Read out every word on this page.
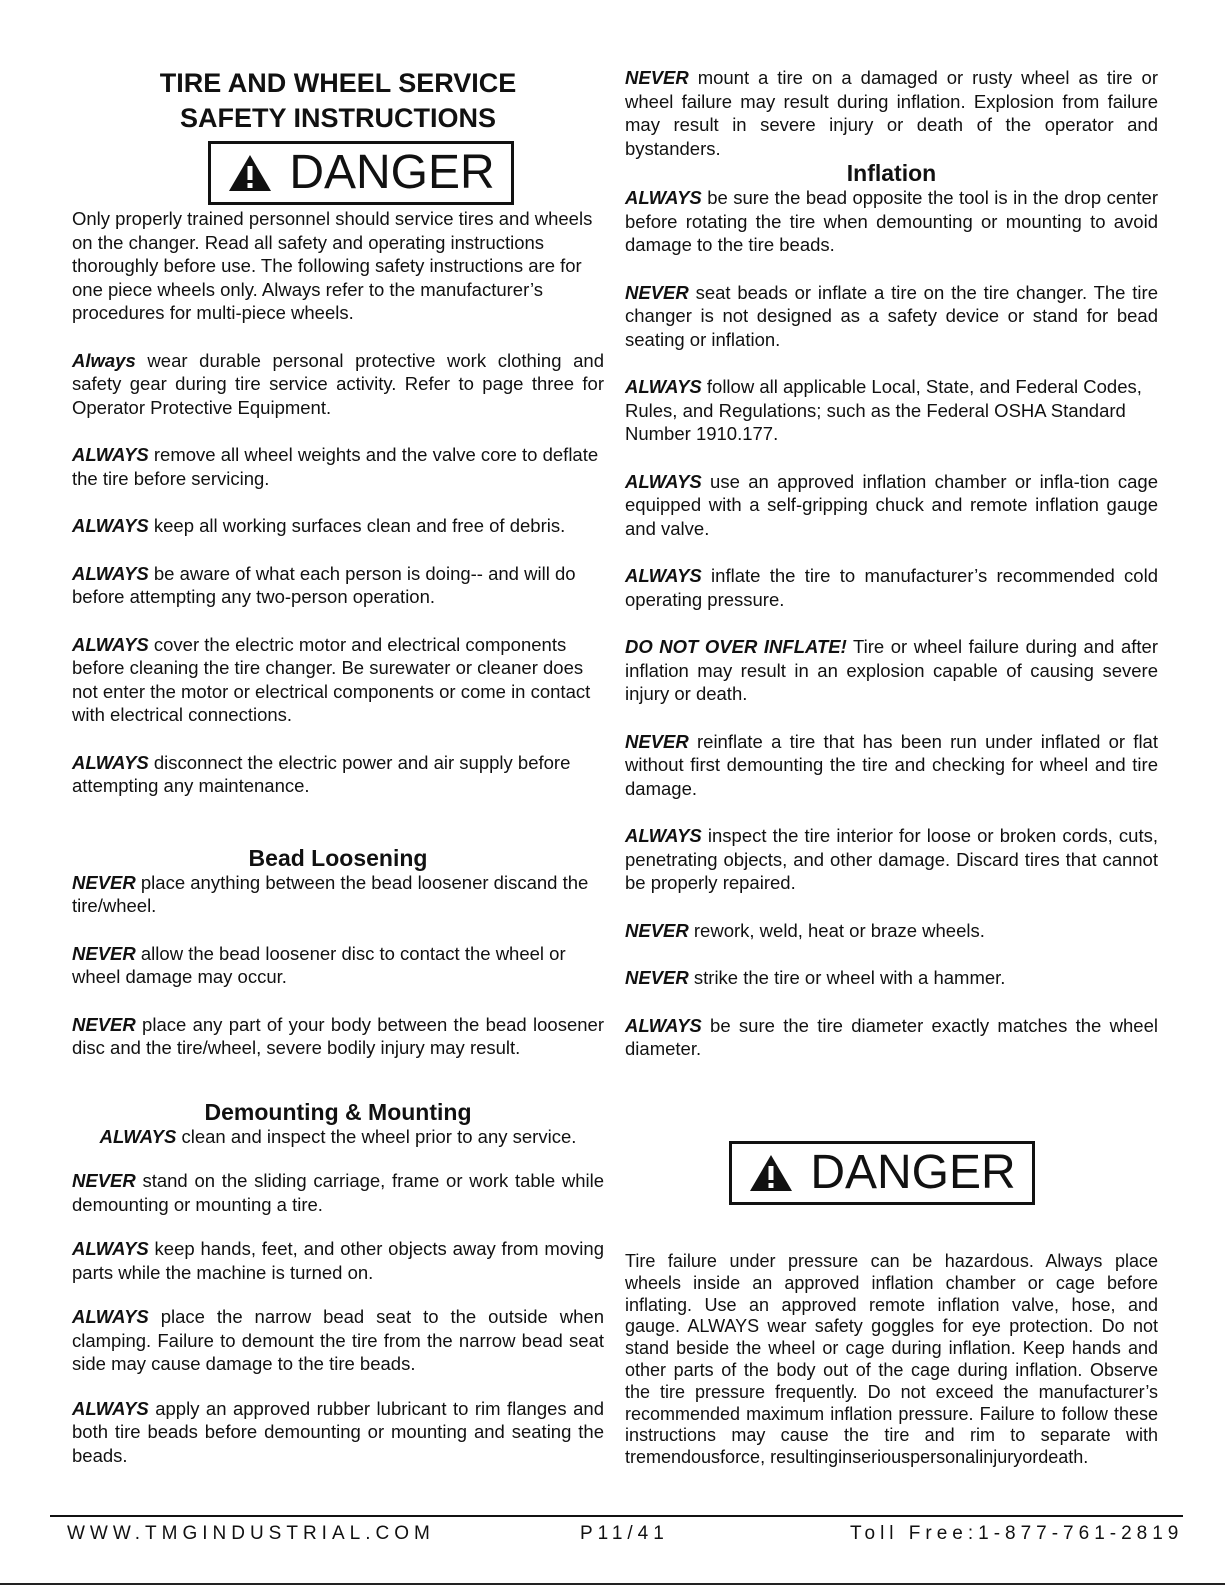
TIRE AND WHEEL SERVICE
SAFETY INSTRUCTIONS
DANGER

Only properly trained personnel should service tires and wheels on the changer. Read all safety and operating instructions thoroughly before use. The following safety instructions are for one piece wheels only. Always refer to the manufacturer’s procedures for multi-piece wheels.

Always wear durable personal protective work clothing and safety gear during tire service activity. Refer to page three for Operator Protective Equipment.

ALWAYS remove all wheel weights and the valve core to deflate the tire before servicing.

ALWAYS keep all working surfaces clean and free of debris.

ALWAYS be aware of what each person is doing-- and will do before attempting any two-person operation.

ALWAYS cover the electric motor and electrical components before cleaning the tire changer. Be surewater or cleaner does not enter the motor or electrical components or come in contact with electrical connections.

ALWAYS disconnect the electric power and air supply before attempting any maintenance.

Bead Loosening

NEVER place anything between the bead loosener discand the tire/wheel.

NEVER allow the bead loosener disc to contact the wheel or wheel damage may occur.

NEVER place any part of your body between the bead loosener disc and the tire/wheel, severe bodily injury may result.

Demounting & Mounting

ALWAYS clean and inspect the wheel prior to any service.

NEVER stand on the sliding carriage, frame or work table while demounting or mounting a tire.

ALWAYS keep hands, feet, and other objects away from moving parts while the machine is turned on.

ALWAYS place the narrow bead seat to the outside when clamping. Failure to demount the tire from the narrow bead seat side may cause damage to the tire beads.

ALWAYS apply an approved rubber lubricant to rim flanges and both tire beads before demounting or mounting and seating the beads.

NEVER mount a tire on a damaged or rusty wheel as tire or wheel failure may result during inflation. Explosion from failure may result in severe injury or death of the operator and bystanders.

Inflation

ALWAYS be sure the bead opposite the tool is in the drop center before rotating the tire when demounting or mounting to avoid damage to the tire beads.

NEVER seat beads or inflate a tire on the tire changer. The tire changer is not designed as a safety device or stand for bead seating or inflation.

ALWAYS follow all applicable Local, State, and Federal Codes, Rules, and Regulations; such as the Federal OSHA Standard Number 1910.177.

ALWAYS use an approved inflation chamber or infla-tion cage equipped with a self-gripping chuck and remote inflation gauge and valve.

ALWAYS inflate the tire to manufacturer’s recommended cold operating pressure.

DO NOT OVER INFLATE! Tire or wheel failure during and after inflation may result in an explosion capable of causing severe injury or death.

NEVER reinflate a tire that has been run under inflated or flat without first demounting the tire and checking for wheel and tire damage.

ALWAYS inspect the tire interior for loose or broken cords, cuts, penetrating objects, and other damage. Discard tires that cannot be properly repaired.

NEVER rework, weld, heat or braze wheels.

NEVER strike the tire or wheel with a hammer.

ALWAYS be sure the tire diameter exactly matches the wheel diameter.

DANGER

Tire failure under pressure can be hazardous. Always place wheels inside an approved inflation chamber or cage before inflating. Use an approved remote inflation valve, hose, and gauge. ALWAYS wear safety goggles for eye protection. Do not stand beside the wheel or cage during inflation. Keep hands and other parts of the body out of the cage during inflation. Observe the tire pressure frequently. Do not exceed the manufacturer’s recommended maximum inflation pressure. Failure to follow these instructions may cause the tire and rim to separate with tremendousforce, resultinginseriouspersonalinjuryordeath.

WWW.TMGINDUSTRIAL.COM	P11/41	Toll Free:1-877-761-2819
